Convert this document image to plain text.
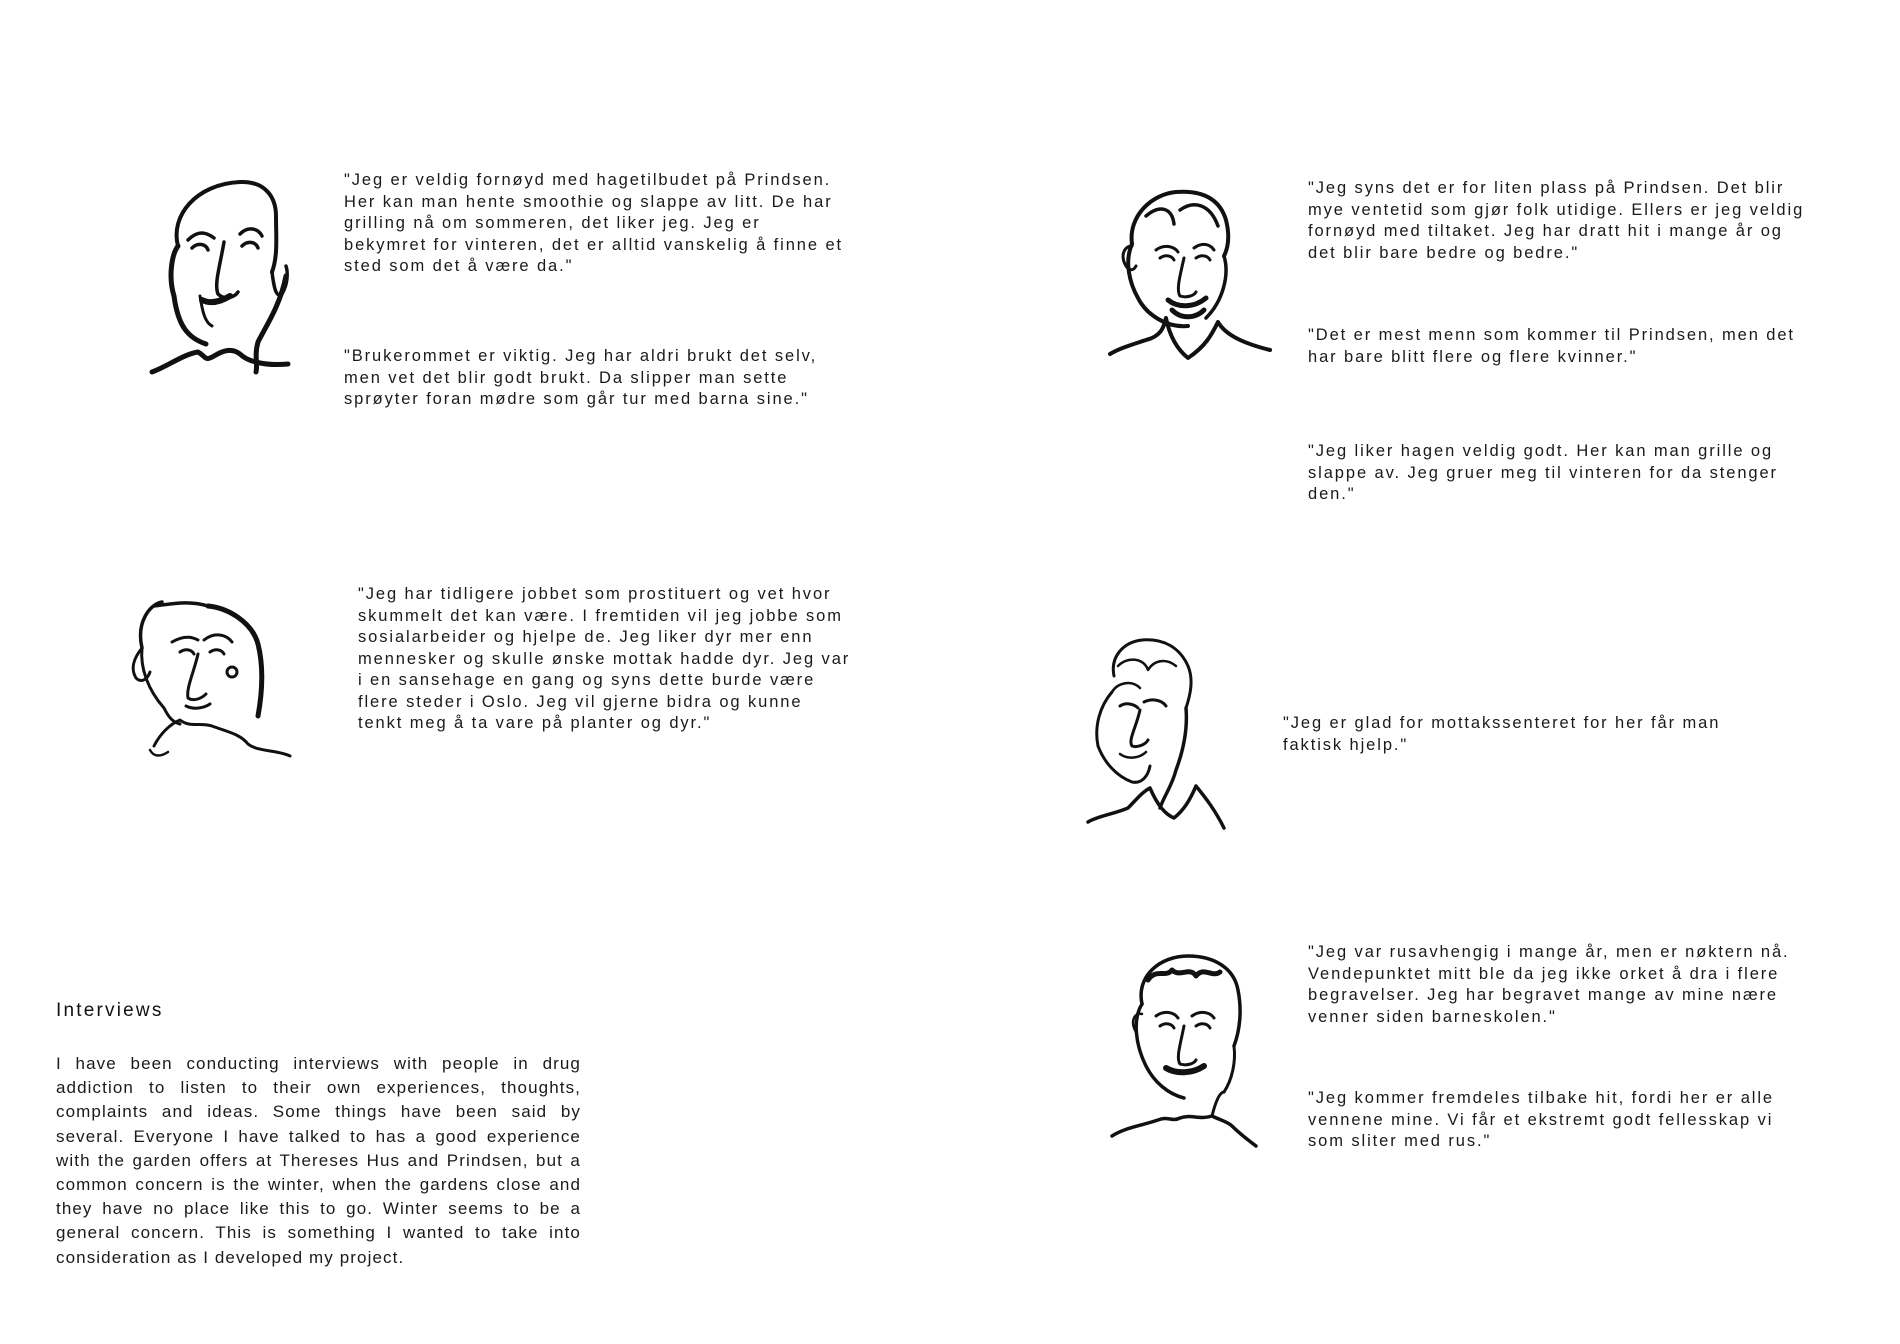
"Jeg er veldig fornøyd med hagetilbudet på Prindsen. Her kan man hente smoothie og slappe av litt. De har grilling nå om sommeren, det liker jeg. Jeg er bekymret for vinteren, det er alltid vanskelig å finne et sted som det å være da."

"Brukerommet er viktig. Jeg har aldri brukt det selv, men vet det blir godt brukt. Da slipper man sette sprøyter foran mødre som går tur med barna sine."

"Jeg har tidligere jobbet som prostituert og vet hvor skummelt det kan være. I fremtiden vil jeg jobbe som sosialarbeider og hjelpe de. Jeg liker dyr mer enn mennesker og skulle ønske mottak hadde dyr. Jeg var i en sansehage en gang og syns dette burde være flere steder i Oslo. Jeg vil gjerne bidra og kunne tenkt meg å ta vare på planter og dyr."

"Jeg syns det er for liten plass på Prindsen. Det blir mye ventetid som gjør folk utidige. Ellers er jeg veldig fornøyd med tiltaket. Jeg har dratt hit i mange år og det blir bare bedre og bedre."

"Det er mest menn som kommer til Prindsen, men det har bare blitt flere og flere kvinner."

"Jeg liker hagen veldig godt. Her kan man grille og slappe av. Jeg gruer meg til vinteren for da stenger den."

"Jeg er glad for mottakssenteret for her får man faktisk hjelp."

"Jeg var rusavhengig i mange år, men er nøktern nå. Vendepunktet mitt ble da jeg ikke orket å dra i flere begravelser. Jeg har begravet mange av mine nære venner siden barneskolen."

"Jeg kommer fremdeles tilbake hit, fordi her er alle vennene mine. Vi får et ekstremt godt fellesskap vi som sliter med rus."

Interviews

I have been conducting interviews with people in drug addiction to listen to their own experiences, thoughts, complaints and ideas. Some things have been said by several. Everyone I have talked to has a good experience with the garden offers at Thereses Hus and Prindsen, but a common concern is the winter, when the gardens close and they have no place like this to go. Winter seems to be a general concern. This is something I wanted to take into consideration as I developed my project.
